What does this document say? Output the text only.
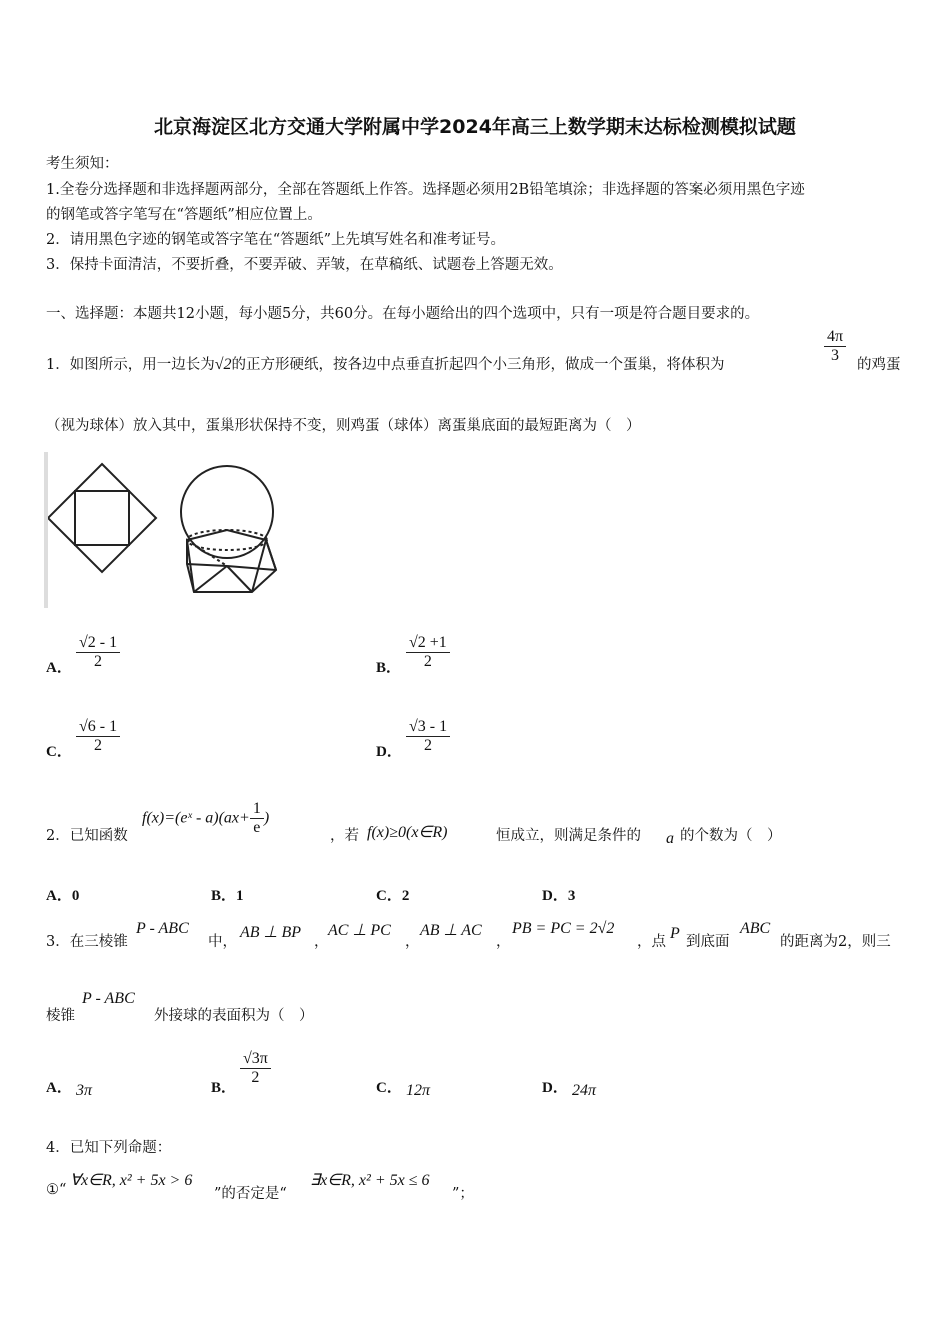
北京海淀区北方交通大学附属中学2024年高三上数学期末达标检测模拟试题
考生须知：
1.全卷分选择题和非选择题两部分，全部在答题纸上作答。选择题必须用2B铅笔填涂；非选择题的答案必须用黑色字迹
的钢笔或答字笔写在“答题纸”相应位置上。
2．请用黑色字迹的钢笔或答字笔在“答题纸”上先填写姓名和准考证号。
3．保持卡面清洁，不要折叠，不要弄破、弄皱，在草稿纸、试题卷上答题无效。
一、选择题：本题共12小题，每小题5分，共60分。在每小题给出的四个选项中，只有一项是符合题目要求的。
1．如图所示，用一边长为√2的正方形硬纸，按各边中点垂直折起四个小三角形，做成一个蛋巢，将体积为	$\frac{4\pi}{3}$ 的鸡蛋
（视为球体）放入其中，蛋巢形状保持不变，则鸡蛋（球体）离蛋巢底面的最短距离为（　）
A． $\frac{√2 - 1}{2}$	B． $\frac{√2 +1}{2}$
C． $\frac{√6 - 1}{2}$	D． $\frac{√3 - 1}{2}$
2．已知函数
f(x)=(eˣ - $a)(ax+ \frac{1}{e}$ )
，若 f(x)≥0(x∈R)	恒成立，则满足条件的 a 的个数为（　）
A．0	B．1	C．2	D．3
3．在三棱锥
P - ABC
中，
AB ⊥ BP
，
AC ⊥ PC
，
AB ⊥ AC
，
PB = PC = 2√2
，点 P 到底面
ABC
的距离为2，则三
棱锥
P - ABC
外接球的表面积为（　）
A． 3π	B．
$\frac{√3\pi}{2}$
C． 12π	D． 24π
4．已知下列命题：
①“
∀x∈R, x² + 5x > 6
”的否定是“
∃x∈R, x² + 5x ≤ 6
”；
